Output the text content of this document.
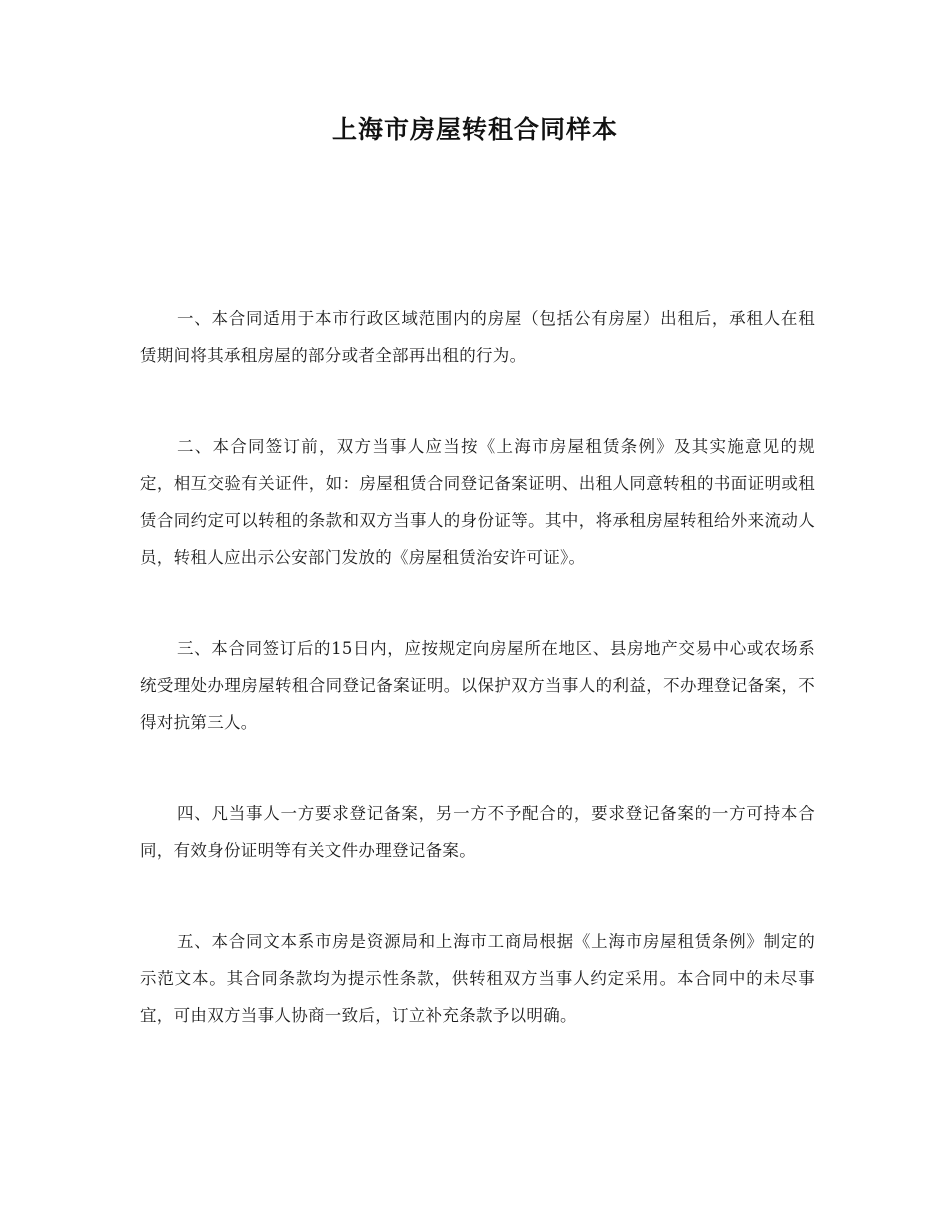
上海市房屋转租合同样本

一、本合同适用于本市行政区域范围内的房屋（包括公有房屋）出租后，承租人在租赁期间将其承租房屋的部分或者全部再出租的行为。

二、本合同签订前，双方当事人应当按《上海市房屋租赁条例》及其实施意见的规定，相互交验有关证件，如：房屋租赁合同登记备案证明、出租人同意转租的书面证明或租赁合同约定可以转租的条款和双方当事人的身份证等。其中，将承租房屋转租给外来流动人员，转租人应出示公安部门发放的《房屋租赁治安许可证》。

三、本合同签订后的15日内，应按规定向房屋所在地区、县房地产交易中心或农场系统受理处办理房屋转租合同登记备案证明。以保护双方当事人的利益，不办理登记备案，不得对抗第三人。

四、凡当事人一方要求登记备案，另一方不予配合的，要求登记备案的一方可持本合同，有效身份证明等有关文件办理登记备案。

五、本合同文本系市房是资源局和上海市工商局根据《上海市房屋租赁条例》制定的示范文本。其合同条款均为提示性条款，供转租双方当事人约定采用。本合同中的未尽事宜，可由双方当事人协商一致后，订立补充条款予以明确。
